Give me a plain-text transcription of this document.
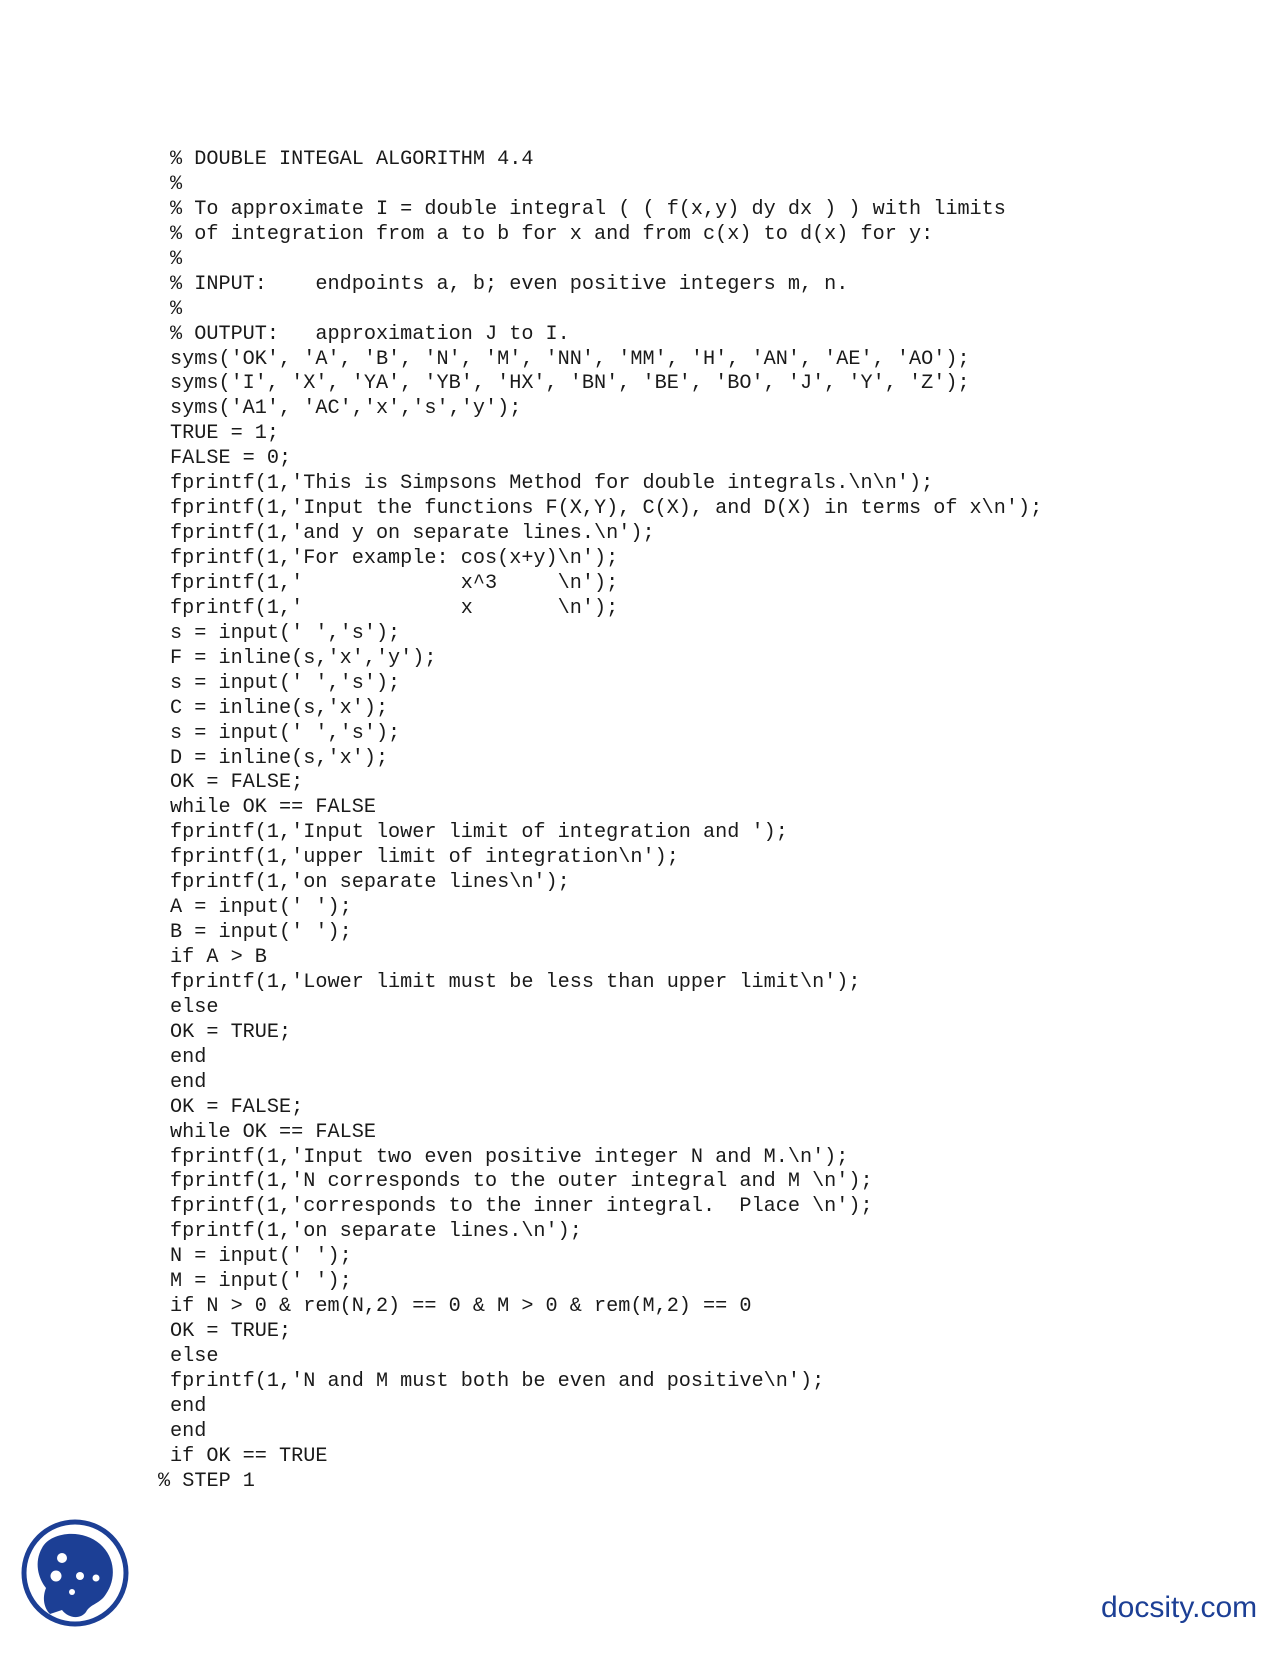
% DOUBLE INTEGAL ALGORITHM 4.4
%
% To approximate I = double integral ( ( f(x,y) dy dx ) ) with limits
% of integration from a to b for x and from c(x) to d(x) for y:
%
% INPUT:    endpoints a, b; even positive integers m, n.
%
% OUTPUT:   approximation J to I.
syms('OK', 'A', 'B', 'N', 'M', 'NN', 'MM', 'H', 'AN', 'AE', 'AO');
syms('I', 'X', 'YA', 'YB', 'HX', 'BN', 'BE', 'BO', 'J', 'Y', 'Z');
syms('A1', 'AC','x','s','y');
TRUE = 1;
FALSE = 0;
fprintf(1,'This is Simpsons Method for double integrals.\n\n');
fprintf(1,'Input the functions F(X,Y), C(X), and D(X) in terms of x\n');
fprintf(1,'and y on separate lines.\n');
fprintf(1,'For example: cos(x+y)\n');
fprintf(1,'             x^3     \n');
fprintf(1,'             x       \n');
s = input(' ','s');
F = inline(s,'x','y');
s = input(' ','s');
C = inline(s,'x');
s = input(' ','s');
D = inline(s,'x');
OK = FALSE;
while OK == FALSE
fprintf(1,'Input lower limit of integration and ');
fprintf(1,'upper limit of integration\n');
fprintf(1,'on separate lines\n');
A = input(' ');
B = input(' ');
if A > B
fprintf(1,'Lower limit must be less than upper limit\n');
else
OK = TRUE;
end
end
OK = FALSE;
while OK == FALSE
fprintf(1,'Input two even positive integer N and M.\n');
fprintf(1,'N corresponds to the outer integral and M \n');
fprintf(1,'corresponds to the inner integral.  Place \n');
fprintf(1,'on separate lines.\n');
N = input(' ');
M = input(' ');
if N > 0 & rem(N,2) == 0 & M > 0 & rem(M,2) == 0
OK = TRUE;
else
fprintf(1,'N and M must both be even and positive\n');
end
end
if OK == TRUE
% STEP 1
docsity.com
